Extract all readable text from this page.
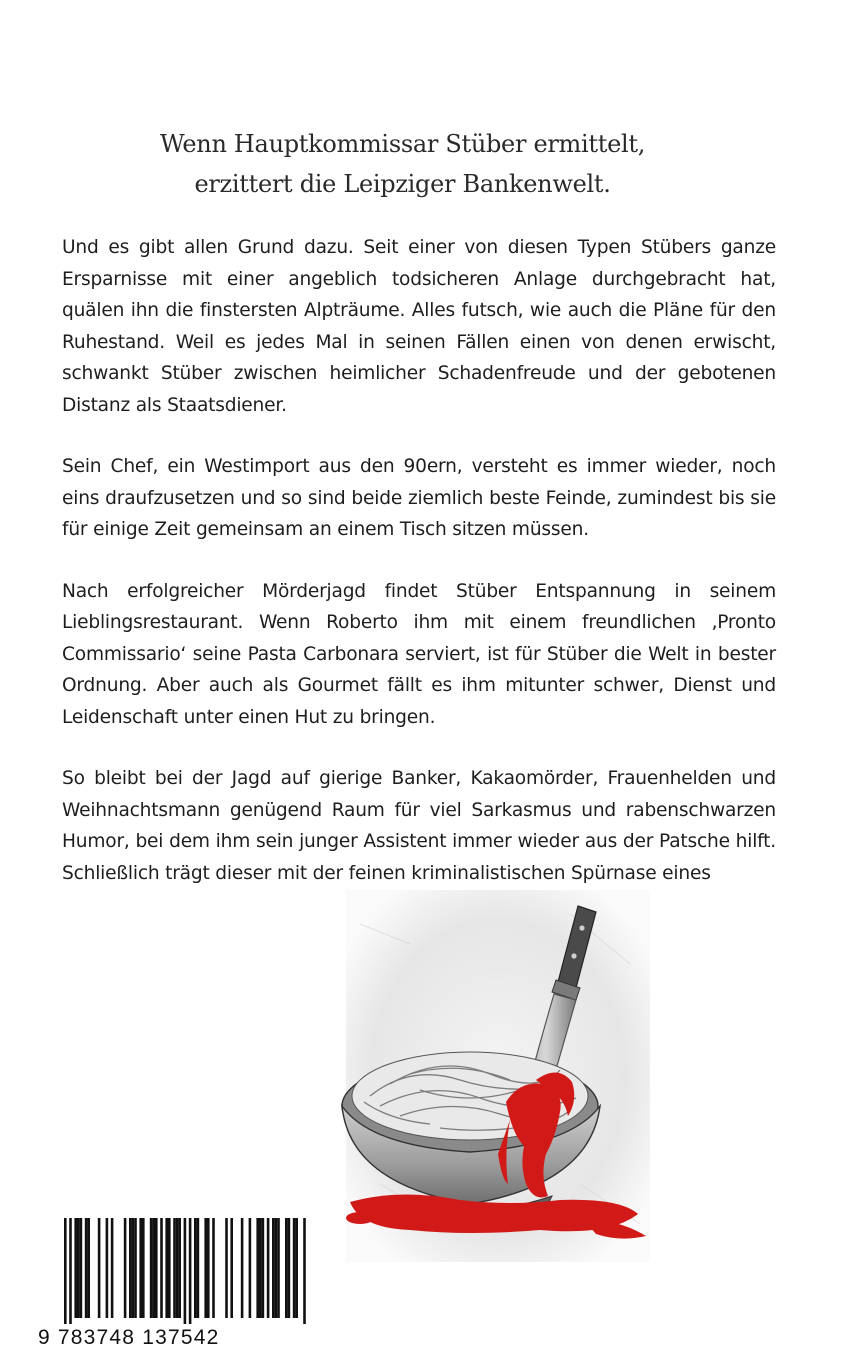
Wenn Hauptkommissar Stüber ermittelt,
erzittert die Leipziger Bankenwelt.

Und es gibt allen Grund dazu. Seit einer von diesen Typen Stübers ganze Ersparnisse mit einer angeblich todsicheren Anlage durchgebracht hat, quälen ihn die finstersten Alpträume. Alles futsch, wie auch die Pläne für den Ruhestand. Weil es jedes Mal in seinen Fällen einen von denen erwischt, schwankt Stüber zwischen heimlicher Schadenfreude und der gebotenen Distanz als Staatsdiener.

Sein Chef, ein Westimport aus den 90ern, versteht es immer wieder, noch eins draufzusetzen und so sind beide ziemlich beste Feinde, zumindest bis sie für einige Zeit gemeinsam an einem Tisch sitzen müssen.

Nach erfolgreicher Mörderjagd findet Stüber Entspannung in seinem Lieblingsrestaurant. Wenn Roberto ihm mit einem freundlichen ‚Pronto Commissario‘ seine Pasta Carbonara serviert, ist für Stüber die Welt in bester Ordnung. Aber auch als Gourmet fällt es ihm mitunter schwer, Dienst und Leidenschaft unter einen Hut zu bringen.

So bleibt bei der Jagd auf gierige Banker, Kakaomörder, Frauenhelden und Weihnachtsmann genügend Raum für viel Sarkasmus und rabenschwarzen Humor, bei dem ihm sein junger Assistent immer wieder aus der Patsche hilft. Schließlich trägt dieser mit der feinen kriminalistischen Spürnase eines

9 783748 137542
